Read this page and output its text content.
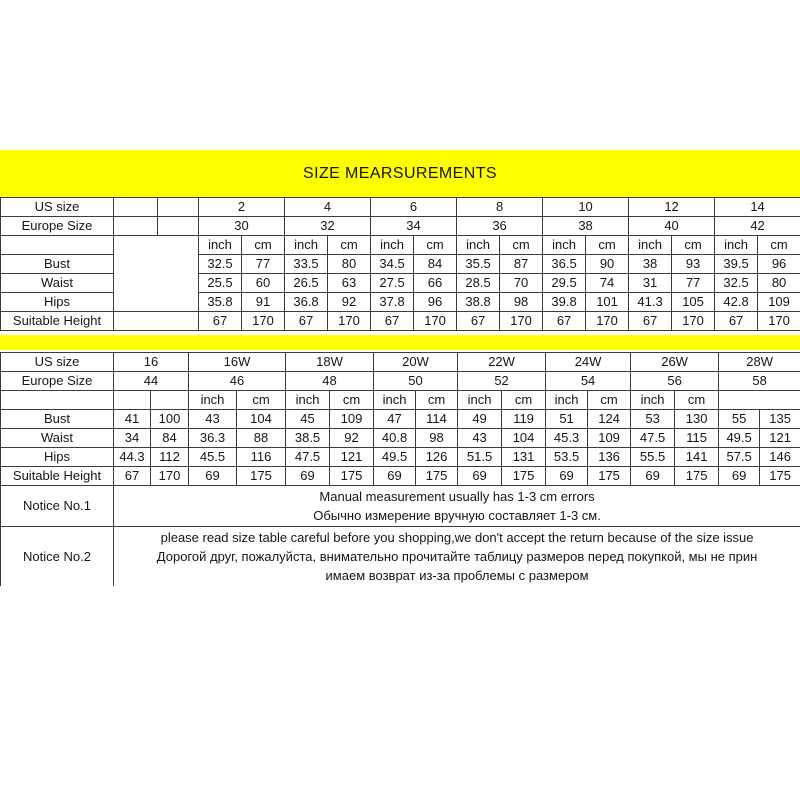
SIZE MEARSUREMENTS
US size			2		4		6		8		10		12		14	
Europe Size			30		32		34		36		38		40		42	
			inch	cm	inch	cm	inch	cm	inch	cm	inch	cm	inch	cm	inch	cm
Bust			32.5	77	33.5	80	34.5	84	35.5	87	36.5	90	38	93	39.5	96
Waist			25.5	60	26.5	63	27.5	66	28.5	70	29.5	74	31	77	32.5	80
Hips			35.8	91	36.8	92	37.8	96	38.8	98	39.8	101	41.3	105	42.8	109
Suitable Height			67	170	67	170	67	170	67	170	67	170	67	170	67	170
US size	16		16W		18W		20W		22W		24W		26W		28W	
Europe Size	44		46		48		50		52		54		56		58	
			inch	cm	inch	cm	inch	cm	inch	cm	inch	cm	inch	cm		
Bust	41	100	43	104	45	109	47	114	49	119	51	124	53	130	55	135
Waist	34	84	36.3	88	38.5	92	40.8	98	43	104	45.3	109	47.5	115	49.5	121
Hips	44.3	112	45.5	116	47.5	121	49.5	126	51.5	131	53.5	136	55.5	141	57.5	146
Suitable Height	67	170	69	175	69	175	69	175	69	175	69	175	69	175	69	175
Notice No.1	Manual measurement usually has 1-3 cm errors
Обычно измерение вручную составляет 1-3 см.															

Notice No.2	please read size table careful before you shopping,we don't accept the return because of the size issue
Дорогой друг, пожалуйста, внимательно прочитайте таблицу размеров перед покупкой, мы не прин
имаем возврат из-за проблемы с размером															
